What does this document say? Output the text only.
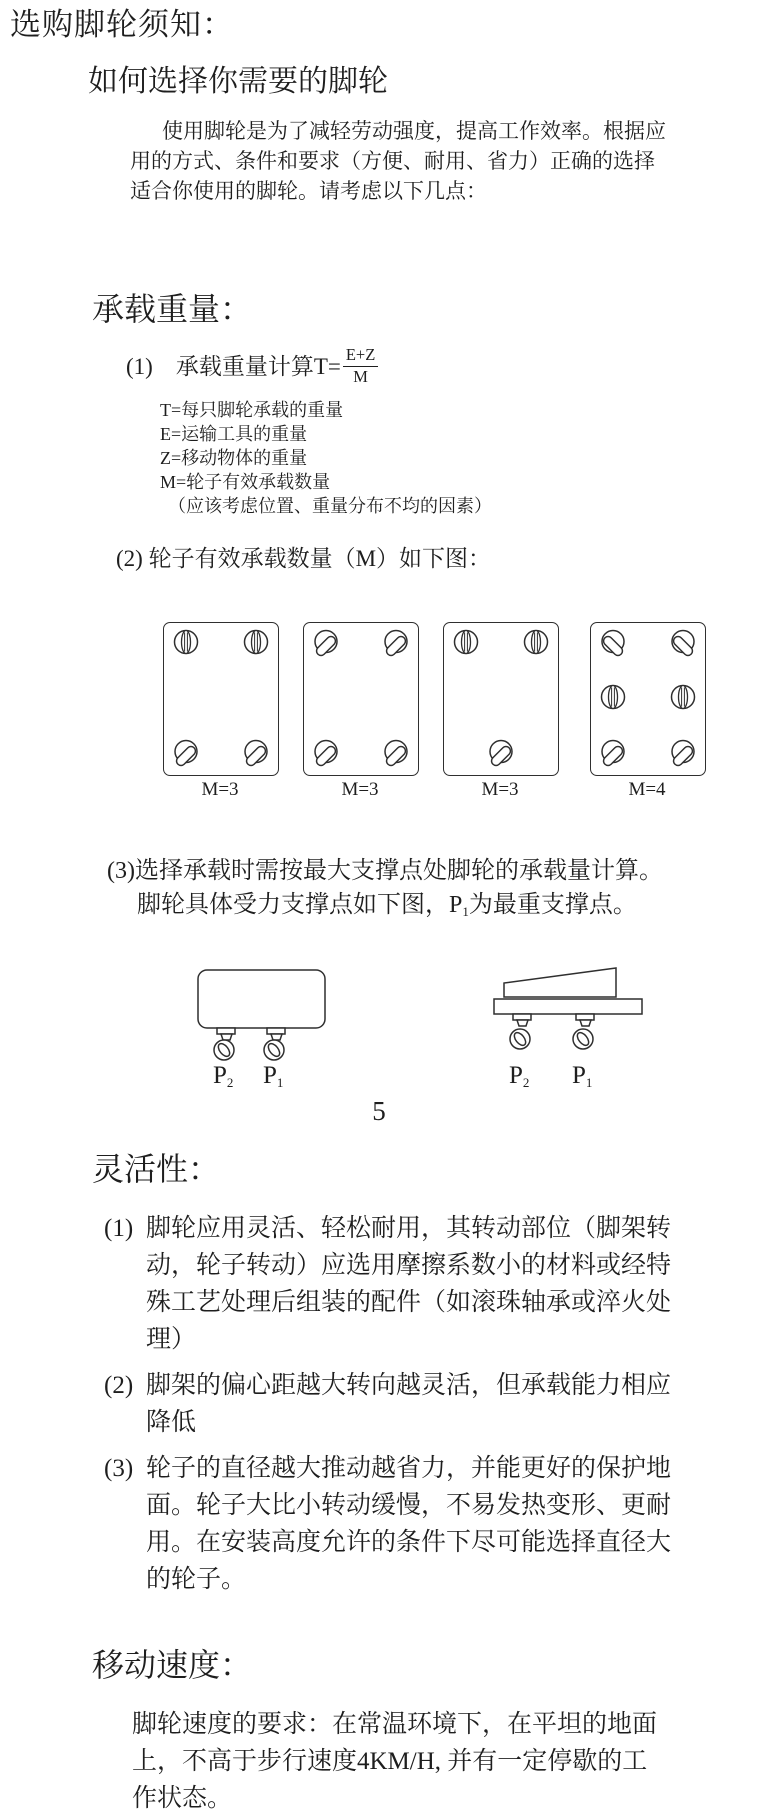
选购脚轮须知：
如何选择你需要的脚轮
使用脚轮是为了减轻劳动强度，提高工作效率。根据应用的方式、条件和要求（方便、耐用、省力）正确的选择适合你使用的脚轮。请考虑以下几点：
承载重量：
(1)　承载重量计算$T= \frac{E+Z}{M}$
T=每只脚轮承载的重量
E=运输工具的重量
Z=移动物体的重量
M=轮子有效承载数量
（应该考虑位置、重量分布不均的因素）
(2) 轮子有效承载数量（M）如下图：
M=3	M=3	M=3	M=4
(3)选择承载时需按最大支撑点处脚轮的承载量计算。
脚轮具体受力支撑点如下图，$P_1$为最重支撑点。
$P_2$ $P_1$	$P_2$ $P_1$
5
灵活性：
(1) 脚轮应用灵活、轻松耐用，其转动部位（脚架转动，轮子转动）应选用摩擦系数小的材料或经特殊工艺处理后组装的配件（如滚珠轴承或淬火处理）
(2) 脚架的偏心距越大转向越灵活，但承载能力相应降低
(3) 轮子的直径越大推动越省力，并能更好的保护地面。轮子大比小转动缓慢，不易发热变形、更耐用。在安装高度允许的条件下尽可能选择直径大的轮子。
移动速度：
脚轮速度的要求：在常温环境下，在平坦的地面上，不高于步行速度4KM/H, 并有一定停歇的工作状态。
